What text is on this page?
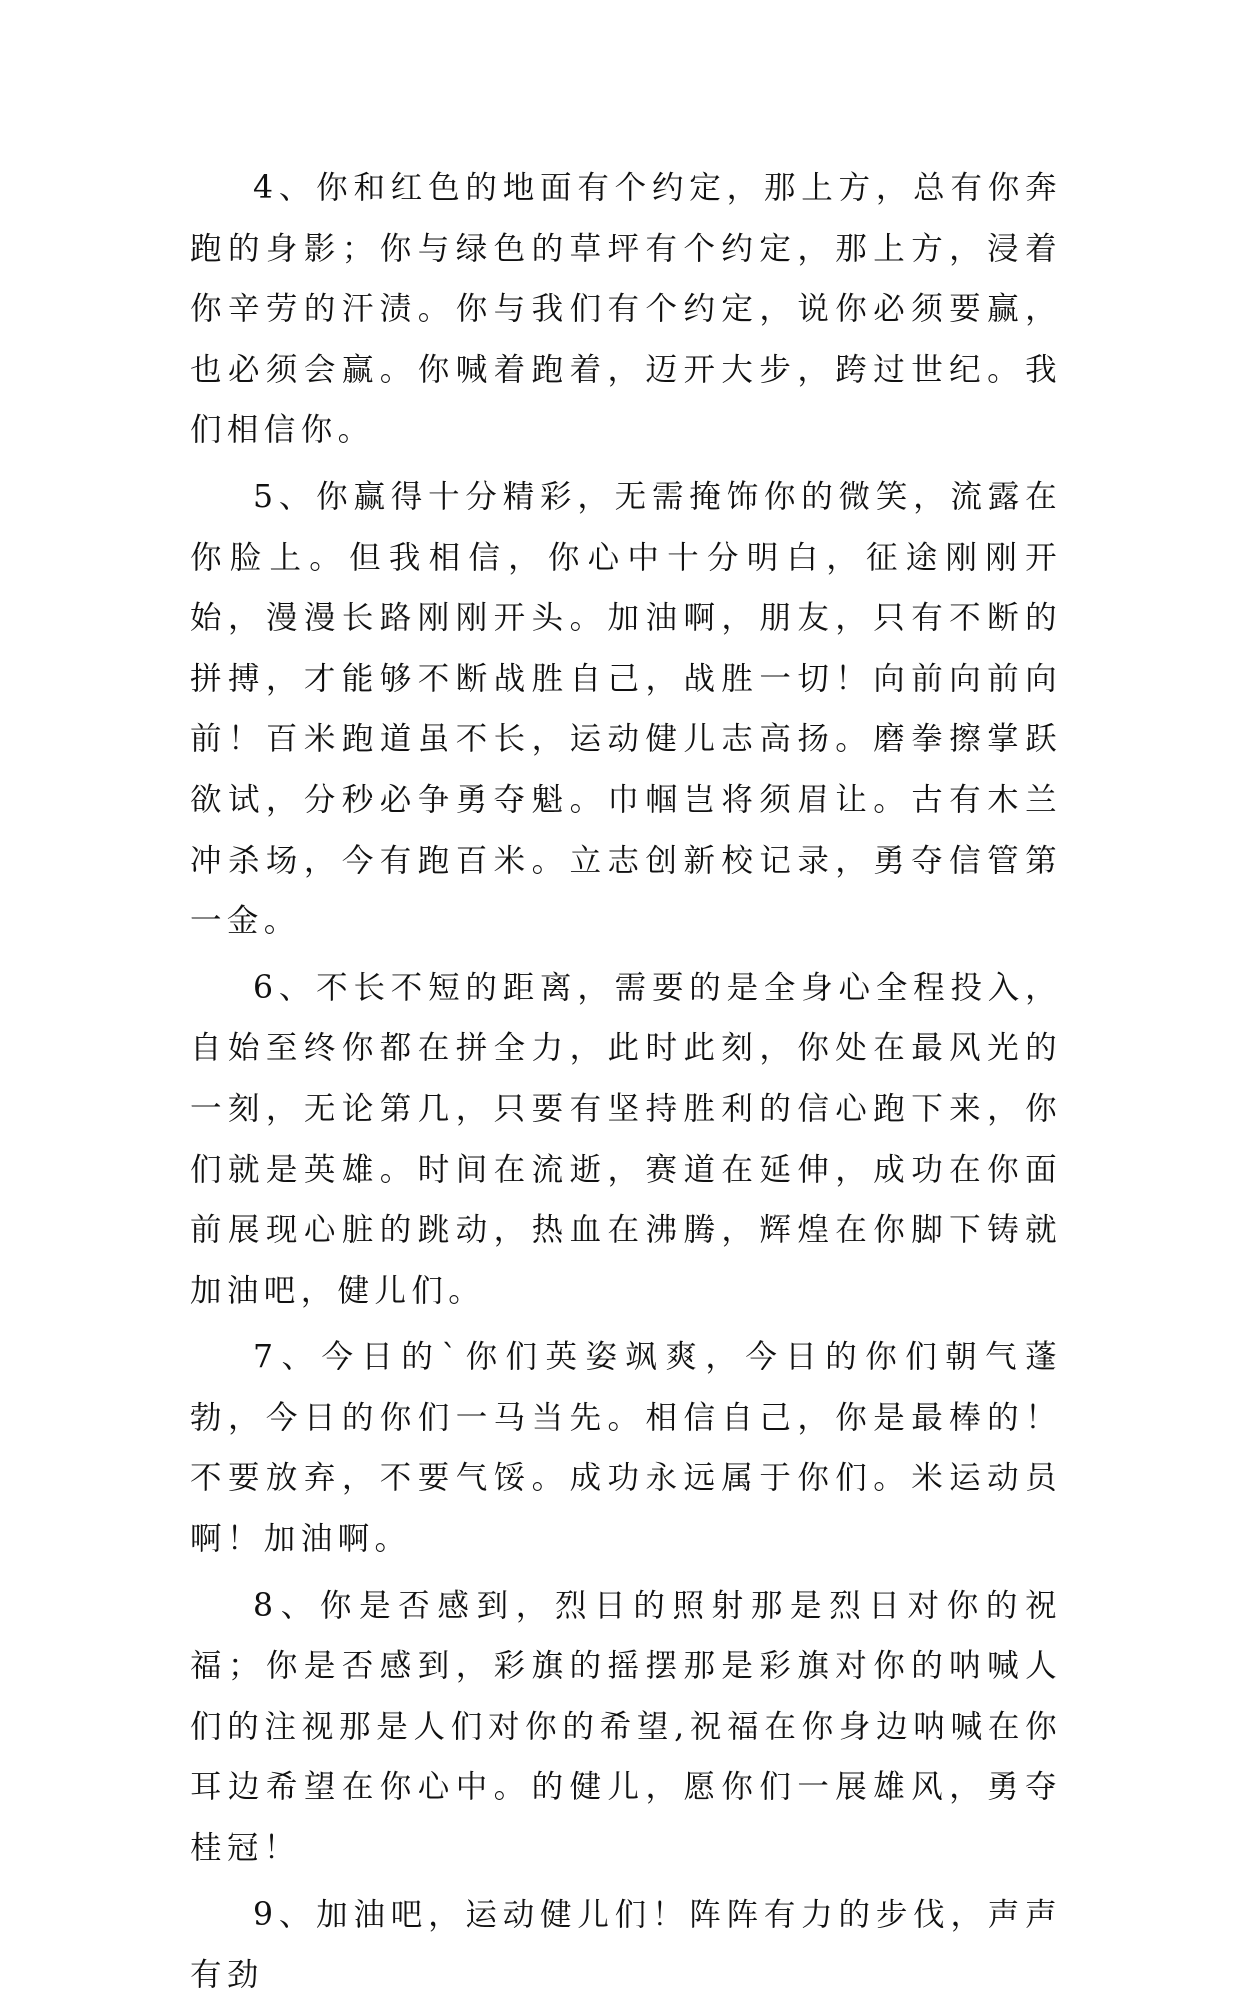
4、你和红色的地面有个约定，那上方，总有你奔跑的身影；你与绿色的草坪有个约定，那上方，浸着你辛劳的汗渍。你与我们有个约定，说你必须要赢，也必须会赢。你喊着跑着，迈开大步，跨过世纪。我们相信你。

5、你赢得十分精彩，无需掩饰你的微笑，流露在你脸上。但我相信，你心中十分明白，征途刚刚开始，漫漫长路刚刚开头。加油啊，朋友，只有不断的拼搏，才能够不断战胜自己，战胜一切！向前向前向前！百米跑道虽不长，运动健儿志高扬。磨拳擦掌跃欲试，分秒必争勇夺魁。巾帼岂将须眉让。古有木兰冲杀场，今有跑百米。立志创新校记录，勇夺信管第一金。

6、不长不短的距离，需要的是全身心全程投入，自始至终你都在拼全力，此时此刻，你处在最风光的一刻，无论第几，只要有坚持胜利的信心跑下来，你们就是英雄。时间在流逝，赛道在延伸，成功在你面前展现心脏的跳动，热血在沸腾，辉煌在你脚下铸就加油吧，健儿们。

7、今日的`你们英姿飒爽，今日的你们朝气蓬勃，今日的你们一马当先。相信自己，你是最棒的！不要放弃，不要气馁。成功永远属于你们。米运动员啊！加油啊。

8、你是否感到，烈日的照射那是烈日对你的祝福；你是否感到，彩旗的摇摆那是彩旗对你的呐喊人们的注视那是人们对你的希望,祝福在你身边呐喊在你耳边希望在你心中。的健儿，愿你们一展雄风，勇夺桂冠！

9、加油吧，运动健儿们！阵阵有力的步伐，声声有劲
